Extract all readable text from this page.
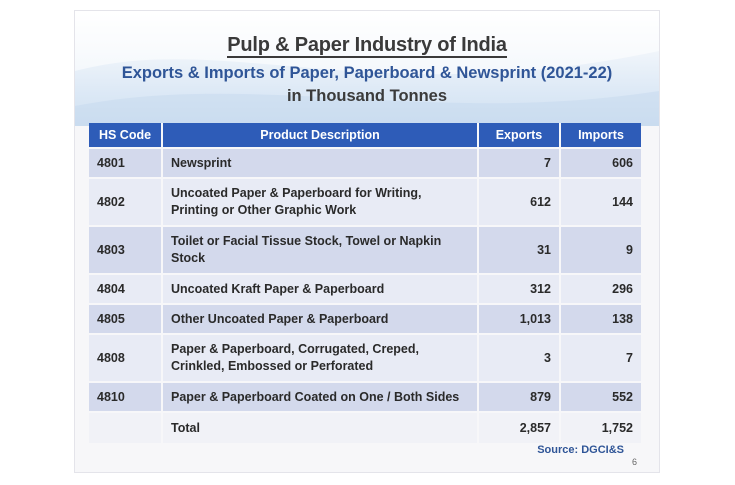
Pulp & Paper Industry of India
Exports & Imports of Paper, Paperboard & Newsprint (2021-22)
in Thousand Tonnes
HS Code	Product Description	Exports	Imports
4801	Newsprint	7	606
4802	Uncoated Paper & Paperboard for Writing, Printing or Other Graphic Work	612	144
4803	Toilet or Facial Tissue Stock, Towel or Napkin Stock	31	9
4804	Uncoated Kraft Paper & Paperboard	312	296
4805	Other Uncoated Paper & Paperboard	1,013	138
4808	Paper & Paperboard, Corrugated, Creped, Crinkled, Embossed or Perforated	3	7
4810	Paper & Paperboard Coated on One / Both Sides	879	552
	Total	2,857	1,752
Source: DGCI&S
6
